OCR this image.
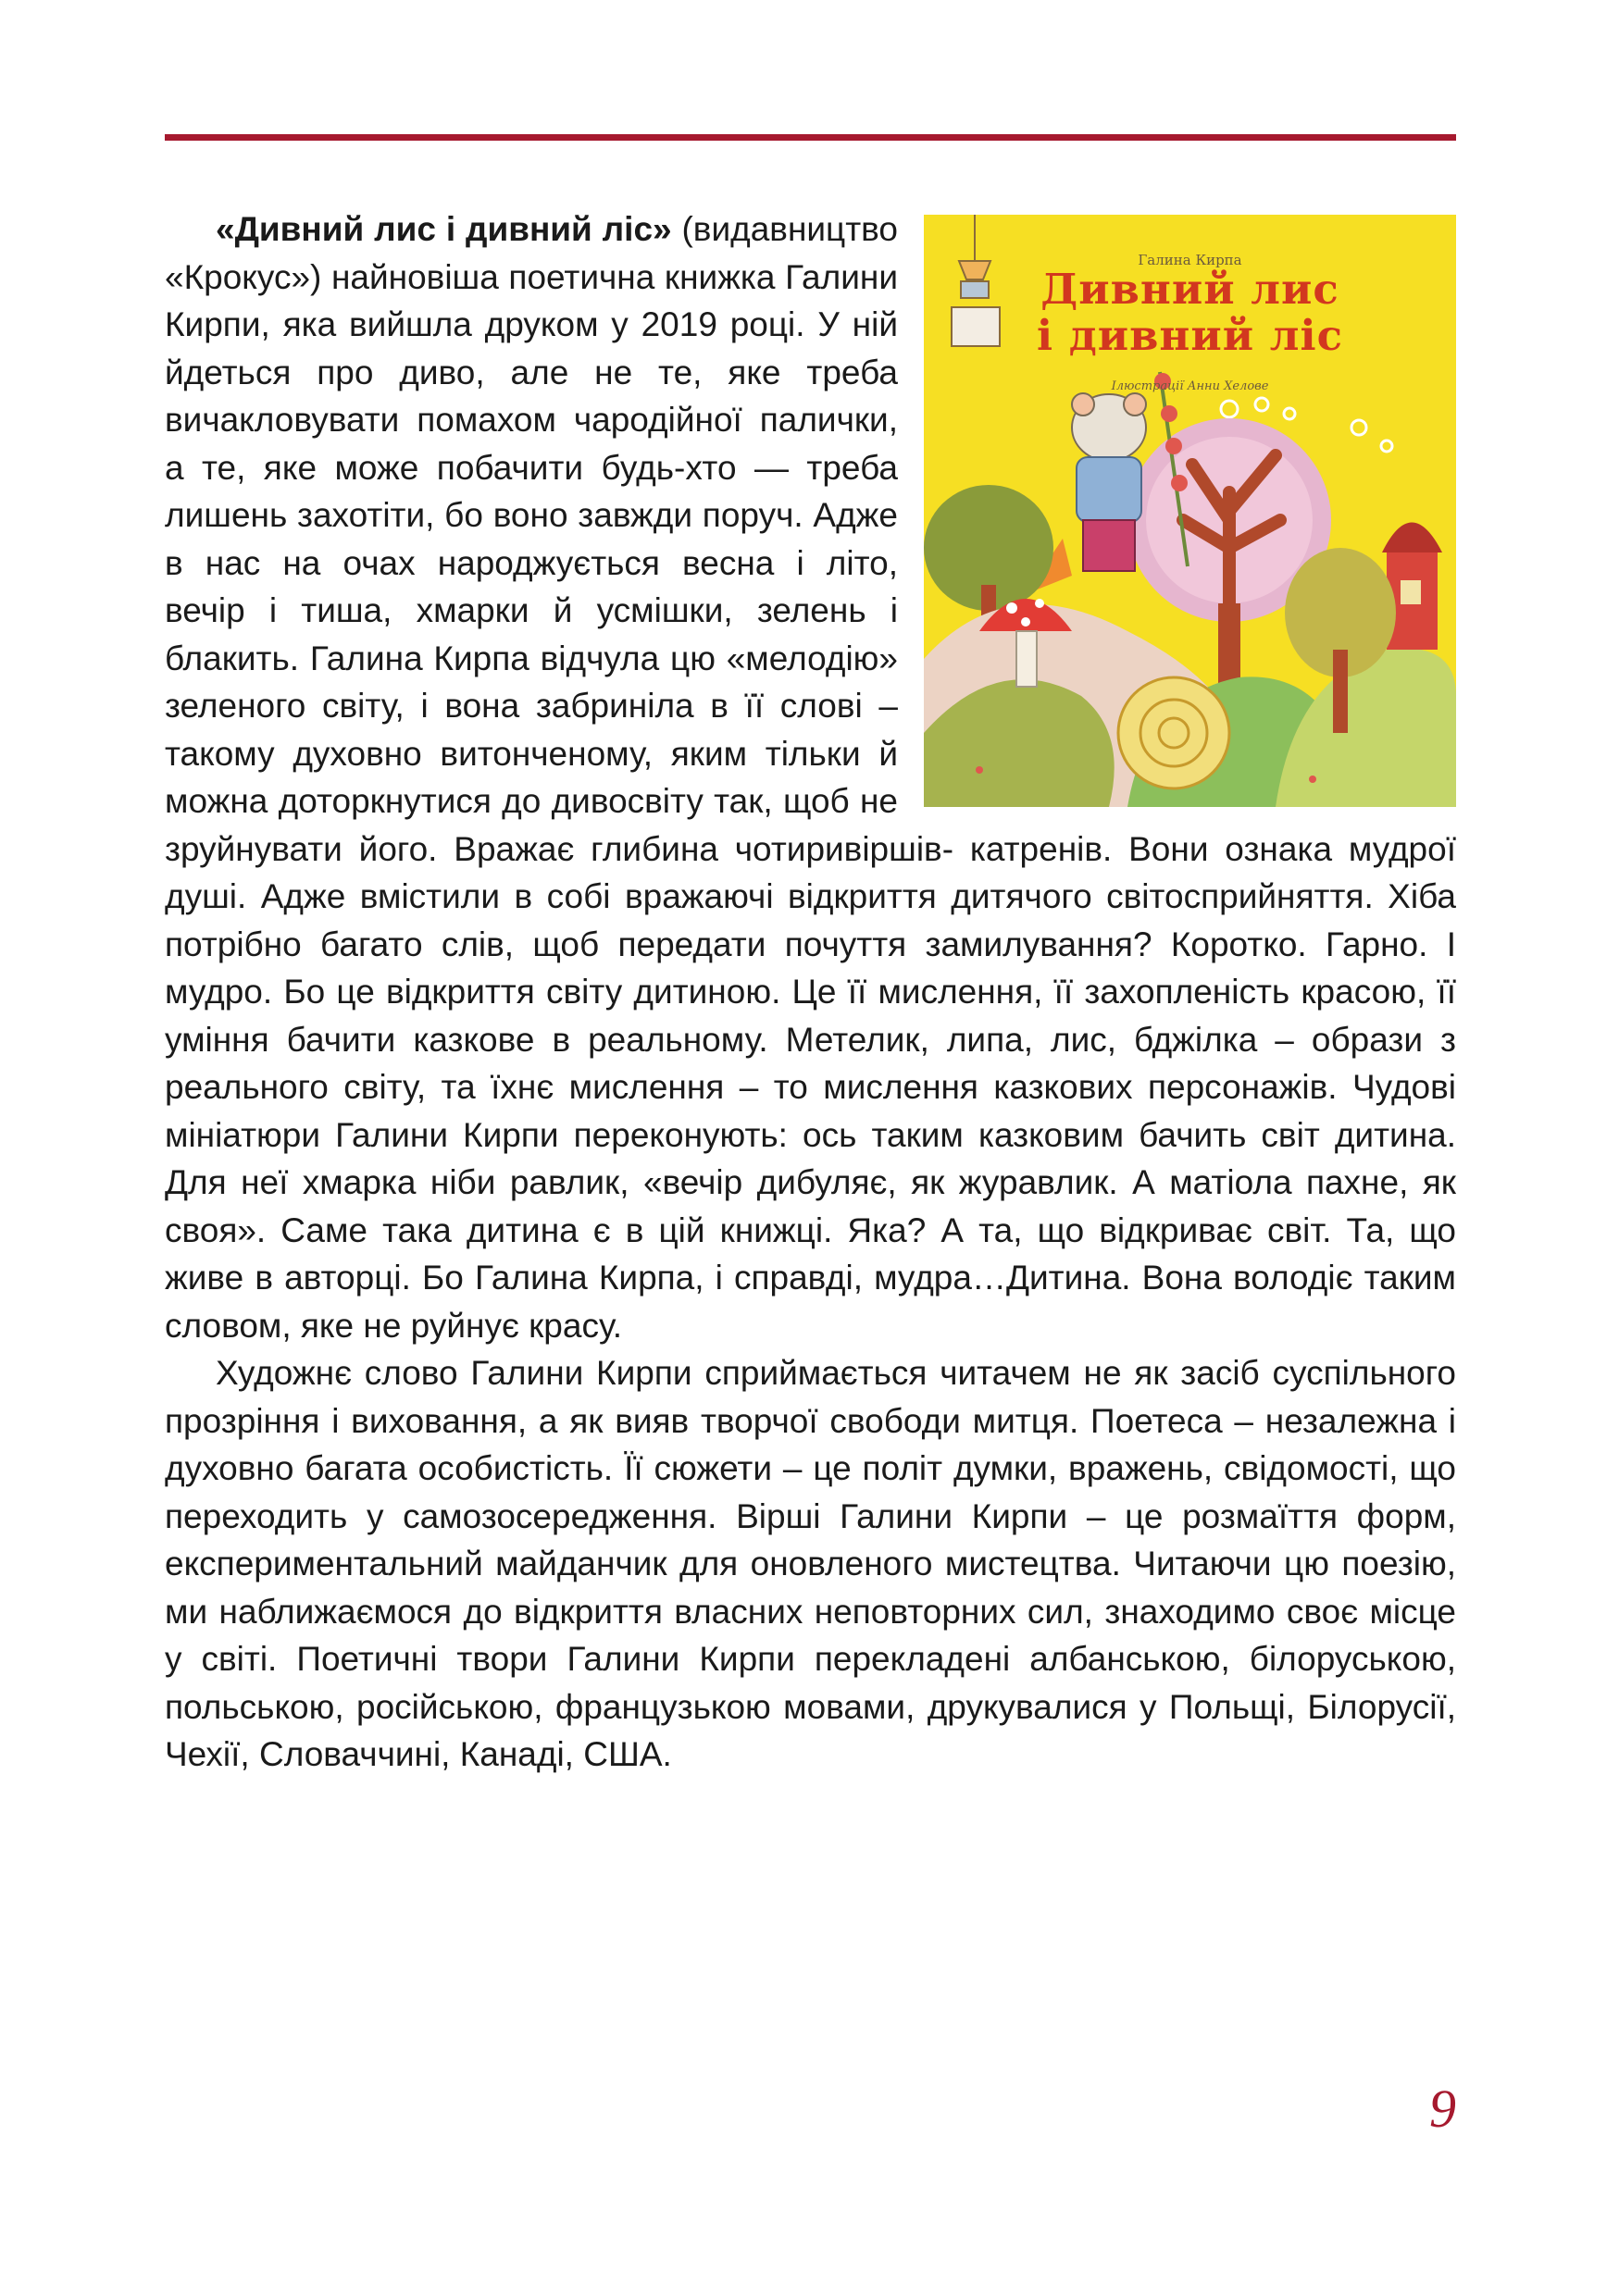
Галина Кирпа
Дивний лис
і дивний ліс
Ілюстрації Анни Хелове

«Дивний лис і дивний ліс» (видавництво «Крокус») найновіша поетична книжка Галини Кирпи, яка вийшла друком у 2019 році. У ній йдеться про диво, але не те, яке треба вичакловувати помахом чародійної палички, а те, яке може побачити будь-хто — треба лишень захотіти, бо воно завжди поруч. Адже в нас на очах народжується весна і літо, вечір і тиша, хмарки й усмішки, зелень і блакить. Галина Кирпа відчула цю «мелодію» зеленого світу, і вона забриніла в її слові – такому духовно витонченому, яким тільки й можна доторкнутися до дивосвіту так, щоб не зруйнувати його. Вражає глибина чотиривіршів- катренів. Вони ознака мудрої душі. Адже вмістили в собі вражаючі відкриття дитячого світосприйняття. Хіба потрібно багато слів, щоб передати почуття замилування? Коротко. Гарно. І мудро. Бо це відкриття світу дитиною. Це її мислення, її захопленість красою, її уміння бачити казкове в реальному. Метелик, липа, лис, бджілка – образи з реального світу, та їхнє мислення – то мислення казкових персонажів. Чудові мініатюри Галини Кирпи переконують: ось таким казковим бачить світ дитина. Для неї хмарка ніби равлик, «вечір дибуляє, як журавлик. А матіола пахне, як своя». Саме така дитина є в цій книжці. Яка? А та, що відкриває світ. Та, що живе в авторці. Бо Галина Кирпа, і справді, мудра…Дитина. Вона володіє таким словом, яке не руйнує красу.

Художнє слово Галини Кирпи сприймається читачем не як засіб суспільного прозріння і виховання, а як вияв творчої свободи митця. Поетеса – незалежна і духовно багата особистість. Її сюжети – це політ думки, вражень, свідомості, що переходить у самозосередження. Вірші Галини Кирпи – це розмаїття форм, експериментальний майданчик для оновленого мистецтва. Читаючи цю поезію, ми наближаємося до відкриття власних неповторних сил, знаходимо своє місце у світі. Поетичні твори Галини Кирпи перекладені албанською, білоруською, польською, російською, французькою мовами, друкувалися у Польщі, Білорусії, Чехії, Словаччині, Канаді, США.

9
